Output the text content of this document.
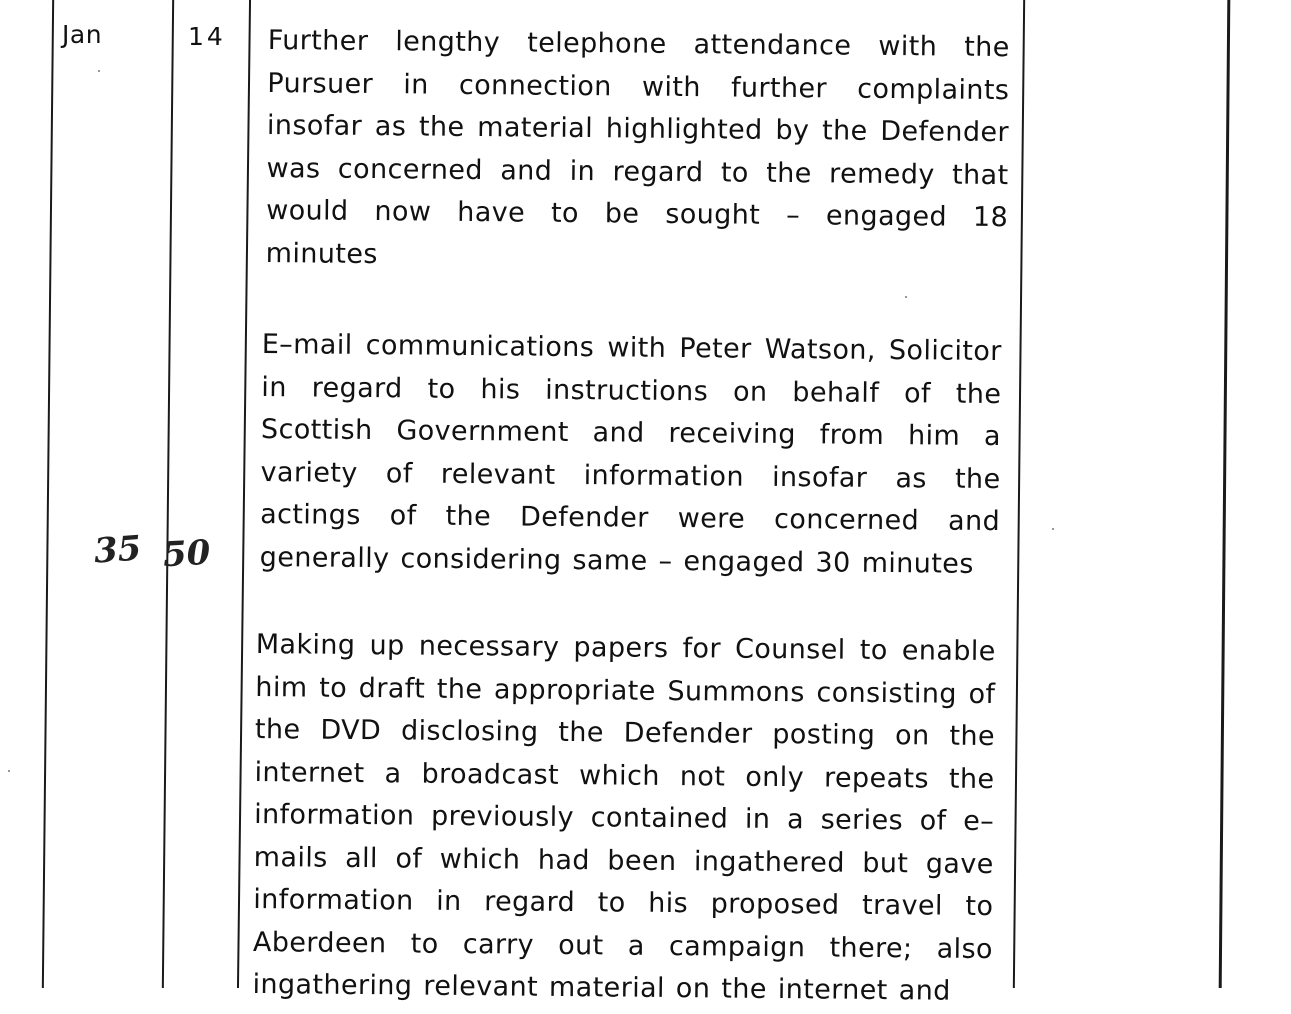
Jan	14
35 50
Further lengthy telephone attendance with the Pursuer in connection with further complaints insofar as the material highlighted by the Defender was concerned and in regard to the remedy that would now have to be sought – engaged 18 minutes
E–mail communications with Peter Watson, Solicitor in regard to his instructions on behalf of the Scottish Government and receiving from him a variety of relevant information insofar as the actings of the Defender were concerned and generally considering same – engaged 30 minutes
Making up necessary papers for Counsel to enable him to draft the appropriate Summons consisting of the DVD disclosing the Defender posting on the internet a broadcast which not only repeats the information previously contained in a series of e–mails all of which had been ingathered but gave information in regard to his proposed travel to Aberdeen to carry out a campaign there; also ingathering relevant material on the internet and
